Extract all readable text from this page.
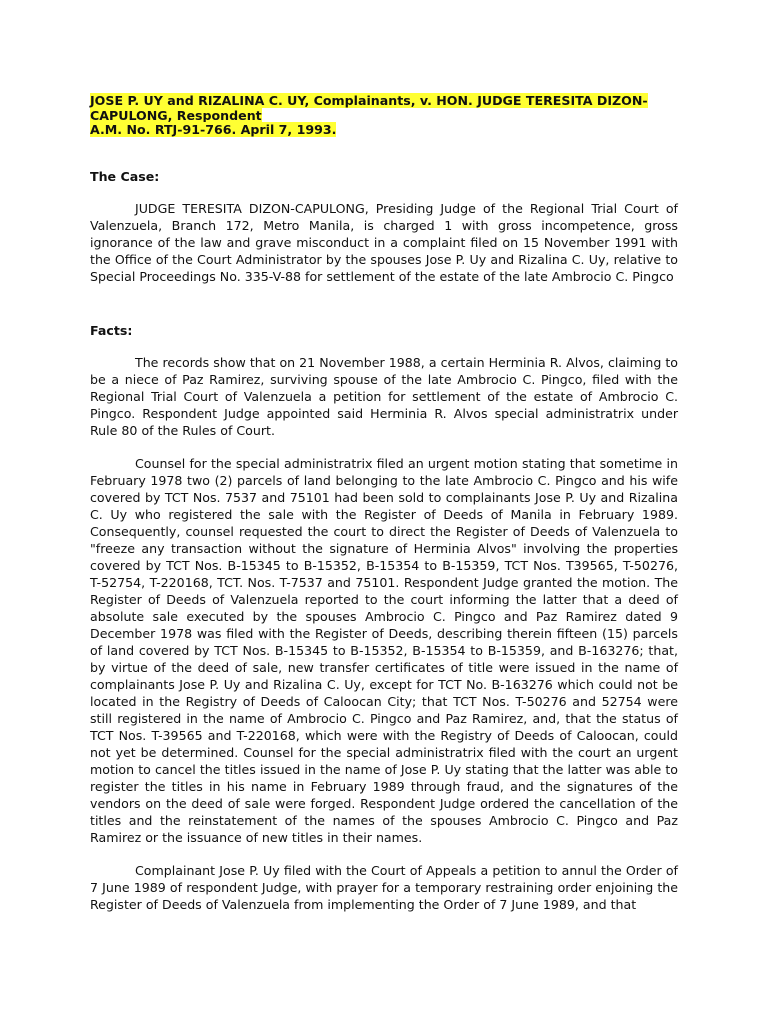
JOSE P. UY and RIZALINA C. UY, Complainants, v. HON. JUDGE TERESITA DIZON-
CAPULONG, Respondent
A.M. No. RTJ-91-766. April 7, 1993.

The Case:

JUDGE TERESITA DIZON-CAPULONG, Presiding Judge of the Regional Trial Court of Valenzuela, Branch 172, Metro Manila, is charged 1 with gross incompetence, gross ignorance of the law and grave misconduct in a complaint filed on 15 November 1991 with the Office of the Court Administrator by the spouses Jose P. Uy and Rizalina C. Uy, relative to Special Proceedings No. 335-V-88 for settlement of the estate of the late Ambrocio C. Pingco

Facts:

The records show that on 21 November 1988, a certain Herminia R. Alvos, claiming to be a niece of Paz Ramirez, surviving spouse of the late Ambrocio C. Pingco, filed with the Regional Trial Court of Valenzuela a petition for settlement of the estate of Ambrocio C. Pingco. Respondent Judge appointed said Herminia R. Alvos special administratrix under Rule 80 of the Rules of Court.

Counsel for the special administratrix filed an urgent motion stating that sometime in February 1978 two (2) parcels of land belonging to the late Ambrocio C. Pingco and his wife covered by TCT Nos. 7537 and 75101 had been sold to complainants Jose P. Uy and Rizalina C. Uy who registered the sale with the Register of Deeds of Manila in February 1989. Consequently, counsel requested the court to direct the Register of Deeds of Valenzuela to "freeze any transaction without the signature of Herminia Alvos" involving the properties covered by TCT Nos. B-15345 to B-15352, B-15354 to B-15359, TCT Nos. T39565, T-50276, T-52754, T-220168, TCT. Nos. T-7537 and 75101. Respondent Judge granted the motion. The Register of Deeds of Valenzuela reported to the court informing the latter that a deed of absolute sale executed by the spouses Ambrocio C. Pingco and Paz Ramirez dated 9 December 1978 was filed with the Register of Deeds, describing therein fifteen (15) parcels of land covered by TCT Nos. B-15345 to B-15352, B-15354 to B-15359, and B-163276; that, by virtue of the deed of sale, new transfer certificates of title were issued in the name of complainants Jose P. Uy and Rizalina C. Uy, except for TCT No. B-163276 which could not be located in the Registry of Deeds of Caloocan City; that TCT Nos. T-50276 and 52754 were still registered in the name of Ambrocio C. Pingco and Paz Ramirez, and, that the status of TCT Nos. T-39565 and T-220168, which were with the Registry of Deeds of Caloocan, could not yet be determined. Counsel for the special administratrix filed with the court an urgent motion to cancel the titles issued in the name of Jose P. Uy stating that the latter was able to register the titles in his name in February 1989 through fraud, and the signatures of the vendors on the deed of sale were forged. Respondent Judge ordered the cancellation of the titles and the reinstatement of the names of the spouses Ambrocio C. Pingco and Paz Ramirez or the issuance of new titles in their names.

Complainant Jose P. Uy filed with the Court of Appeals a petition to annul the Order of 7 June 1989 of respondent Judge, with prayer for a temporary restraining order enjoining the Register of Deeds of Valenzuela from implementing the Order of 7 June 1989, and that
